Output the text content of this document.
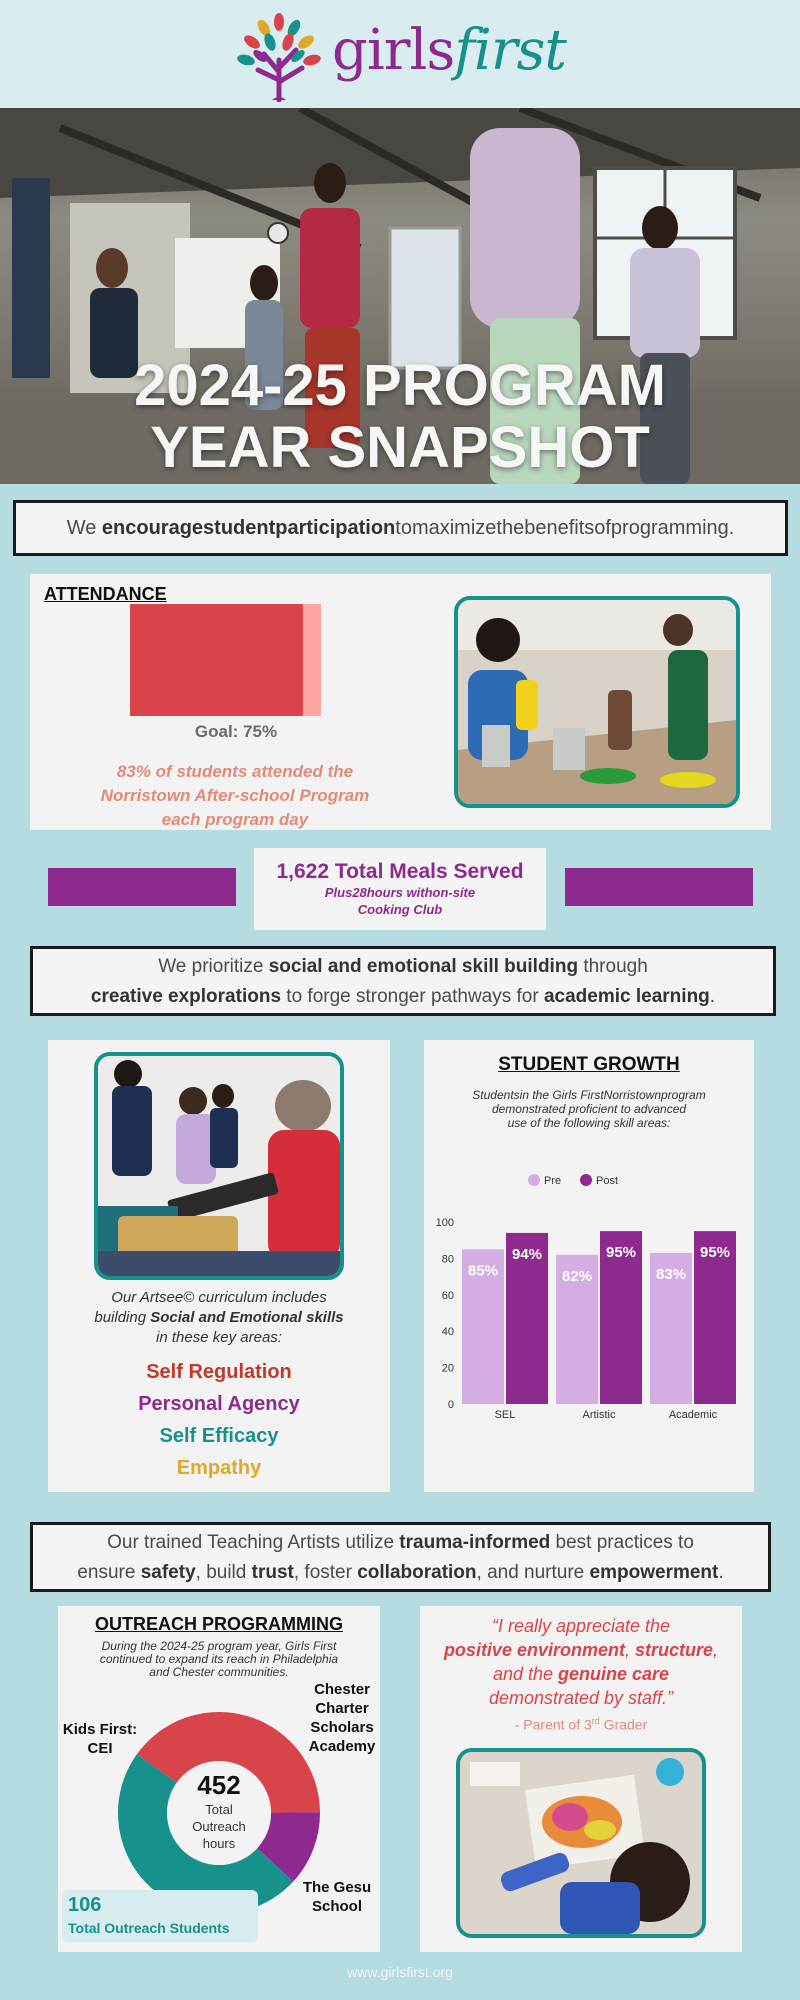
girlsfirst
2024-25 PROGRAM
YEAR SNAPSHOT
We encouragestudentparticipationtomaximizethebenefitsofprogramming.
ATTENDANCE
Goal: 75%
83% of students attended the
Norristown After-school Program
each program day
1,622 Total Meals Served
Plus28hours withon-site
Cooking Club
We prioritize social and emotional skill building through
creative explorations to forge stronger pathways for academic learning.
Our Artsee© curriculum includes
building Social and Emotional skills
in these key areas:
Self Regulation
Personal Agency
Self Efficacy
Empathy
STUDENT GROWTH
Studentsin the Girls FirstNorristownprogram
demonstrated proficient to advanced
use of the following skill areas:
Pre	Post
0
20
40
60
80
100
85%
94%
SEL
82%
95%
Artistic
83%
95%
Academic
Our trained Teaching Artists utilize trauma-informed best practices to
ensure safety, build trust, foster collaboration, and nurture empowerment.
OUTREACH PROGRAMMING
During the 2024-25 program year, Girls First
continued to expand its reach in Philadelphia
and Chester communities.
452
Total
Outreach
hours
Kids First:
CEI
Chester
Charter
Scholars
Academy
The Gesu
School
106
Total Outreach Students
“I really appreciate the
positive environment, structure,
and the genuine care
demonstrated by staff.”
- Parent of 3rd Grader
www.girlsfirst.org
